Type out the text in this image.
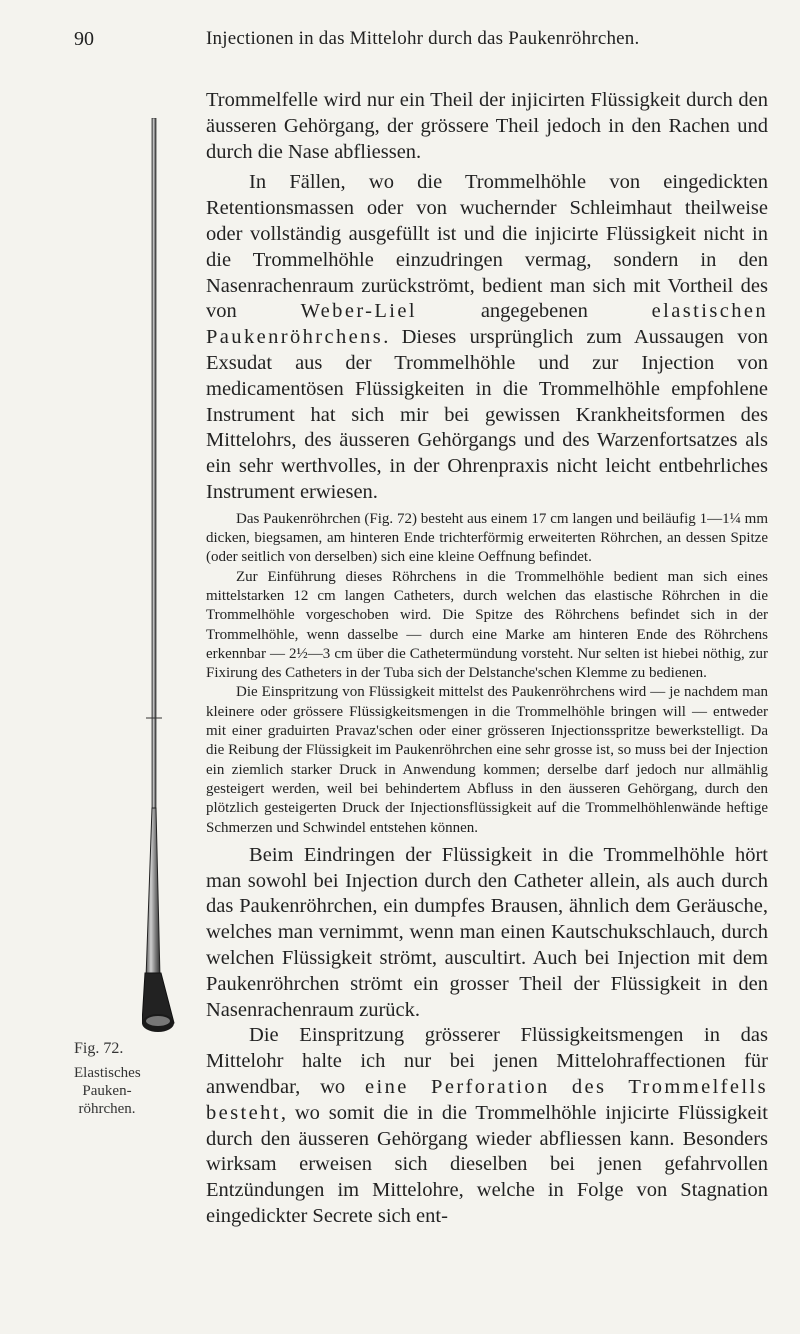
90	Injectionen in das Mittelohr durch das Paukenröhrchen.
Fig. 72.
Elastisches
Pauken-
röhrchen.

Trommelfelle wird nur ein Theil der injicirten Flüssigkeit durch den äusseren Gehörgang, der grössere Theil jedoch in den Rachen und durch die Nase abfliessen.

In Fällen, wo die Trommelhöhle von eingedickten Retentionsmassen oder von wuchernder Schleimhaut theilweise oder vollständig ausgefüllt ist und die injicirte Flüssigkeit nicht in die Trommelhöhle einzudringen vermag, sondern in den Nasenrachenraum zurückströmt, bedient man sich mit Vortheil des von Weber-Liel angegebenen elastischen Paukenröhrchens. Dieses ursprünglich zum Aussaugen von Exsudat aus der Trommelhöhle und zur Injection von medicamentösen Flüssigkeiten in die Trommelhöhle empfohlene Instrument hat sich mir bei gewissen Krankheitsformen des Mittelohrs, des äusseren Gehörgangs und des Warzenfortsatzes als ein sehr werthvolles, in der Ohrenpraxis nicht leicht entbehrliches Instrument erwiesen.

Das Paukenröhrchen (Fig. 72) besteht aus einem 17 cm langen und beiläufig 1—1¼ mm dicken, biegsamen, am hinteren Ende trichterförmig erweiterten Röhrchen, an dessen Spitze (oder seitlich von derselben) sich eine kleine Oeffnung befindet.

Zur Einführung dieses Röhrchens in die Trommelhöhle bedient man sich eines mittelstarken 12 cm langen Catheters, durch welchen das elastische Röhrchen in die Trommelhöhle vorgeschoben wird. Die Spitze des Röhrchens befindet sich in der Trommelhöhle, wenn dasselbe — durch eine Marke am hinteren Ende des Röhrchens erkennbar — 2½—3 cm über die Cathetermündung vorsteht. Nur selten ist hiebei nöthig, zur Fixirung des Catheters in der Tuba sich der Delstanche'schen Klemme zu bedienen.

Die Einspritzung von Flüssigkeit mittelst des Paukenröhrchens wird — je nachdem man kleinere oder grössere Flüssigkeitsmengen in die Trommelhöhle bringen will — entweder mit einer graduirten Pravaz'schen oder einer grösseren Injectionsspritze bewerkstelligt. Da die Reibung der Flüssigkeit im Paukenröhrchen eine sehr grosse ist, so muss bei der Injection ein ziemlich starker Druck in Anwendung kommen; derselbe darf jedoch nur allmählig gesteigert werden, weil bei behindertem Abfluss in den äusseren Gehörgang, durch den plötzlich gesteigerten Druck der Injectionsflüssigkeit auf die Trommelhöhlenwände heftige Schmerzen und Schwindel entstehen können.

Beim Eindringen der Flüssigkeit in die Trommelhöhle hört man sowohl bei Injection durch den Catheter allein, als auch durch das Paukenröhrchen, ein dumpfes Brausen, ähnlich dem Geräusche, welches man vernimmt, wenn man einen Kautschukschlauch, durch welchen Flüssigkeit strömt, auscultirt. Auch bei Injection mit dem Paukenröhrchen strömt ein grosser Theil der Flüssigkeit in den Nasenrachenraum zurück.

Die Einspritzung grösserer Flüssigkeitsmengen in das Mittelohr halte ich nur bei jenen Mittelohraffectionen für anwendbar, wo eine Perforation des Trommelfells besteht, wo somit die in die Trommelhöhle injicirte Flüssigkeit durch den äusseren Gehörgang wieder abfliessen kann. Besonders wirksam erweisen sich dieselben bei jenen gefahrvollen Entzündungen im Mittelohre, welche in Folge von Stagnation eingedickter Secrete sich ent-
